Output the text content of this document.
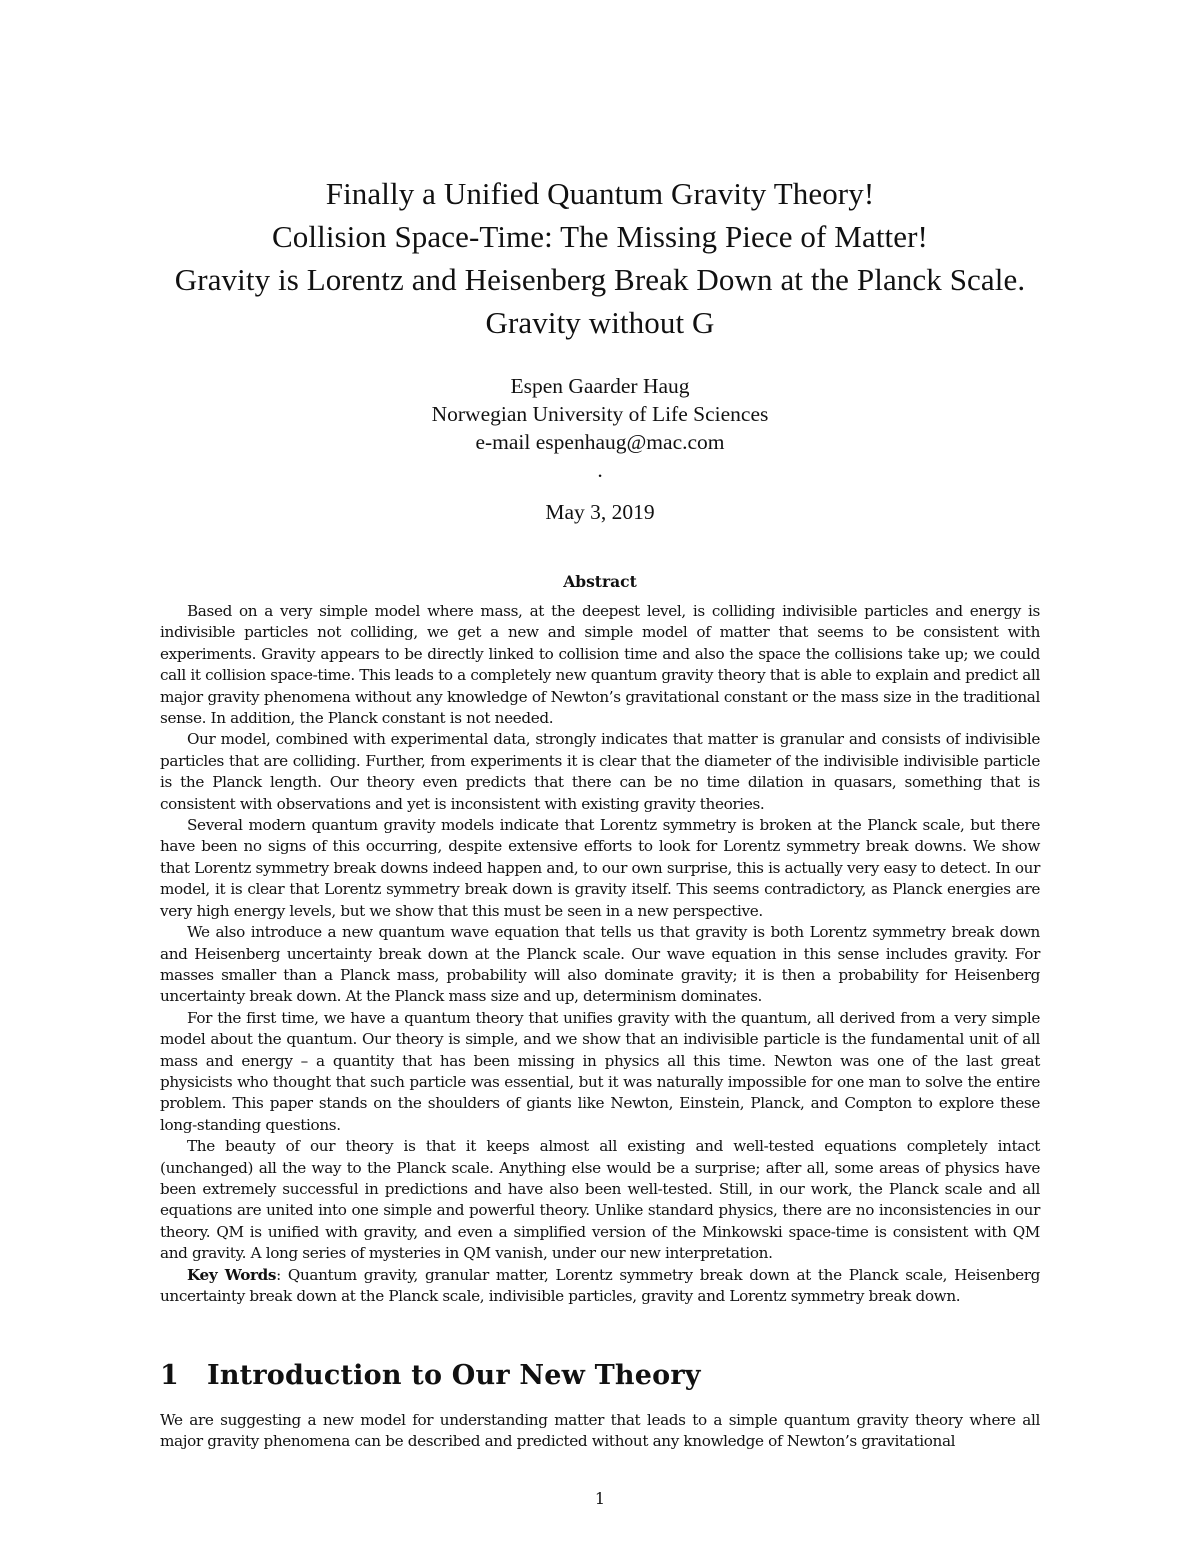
Finally a Unified Quantum Gravity Theory!
Collision Space-Time: The Missing Piece of Matter!
Gravity is Lorentz and Heisenberg Break Down at the Planck Scale.
Gravity without G
Espen Gaarder Haug
Norwegian University of Life Sciences
e-mail espenhaug@mac.com
.
May 3, 2019
Abstract

Based on a very simple model where mass, at the deepest level, is colliding indivisible particles and energy is indivisible particles not colliding, we get a new and simple model of matter that seems to be consistent with experiments. Gravity appears to be directly linked to collision time and also the space the collisions take up; we could call it collision space-time. This leads to a completely new quantum gravity theory that is able to explain and predict all major gravity phenomena without any knowledge of Newton’s gravitational constant or the mass size in the traditional sense. In addition, the Planck constant is not needed.

Our model, combined with experimental data, strongly indicates that matter is granular and consists of indivisible particles that are colliding. Further, from experiments it is clear that the diameter of the indivisible indivisible particle is the Planck length. Our theory even predicts that there can be no time dilation in quasars, something that is consistent with observations and yet is inconsistent with existing gravity theories.

Several modern quantum gravity models indicate that Lorentz symmetry is broken at the Planck scale, but there have been no signs of this occurring, despite extensive efforts to look for Lorentz symmetry break downs. We show that Lorentz symmetry break downs indeed happen and, to our own surprise, this is actually very easy to detect. In our model, it is clear that Lorentz symmetry break down is gravity itself. This seems contradictory, as Planck energies are very high energy levels, but we show that this must be seen in a new perspective.

We also introduce a new quantum wave equation that tells us that gravity is both Lorentz symmetry break down and Heisenberg uncertainty break down at the Planck scale. Our wave equation in this sense includes gravity. For masses smaller than a Planck mass, probability will also dominate gravity; it is then a probability for Heisenberg uncertainty break down. At the Planck mass size and up, determinism dominates.

For the first time, we have a quantum theory that unifies gravity with the quantum, all derived from a very simple model about the quantum. Our theory is simple, and we show that an indivisible particle is the fundamental unit of all mass and energy – a quantity that has been missing in physics all this time. Newton was one of the last great physicists who thought that such particle was essential, but it was naturally impossible for one man to solve the entire problem. This paper stands on the shoulders of giants like Newton, Einstein, Planck, and Compton to explore these long-standing questions.

The beauty of our theory is that it keeps almost all existing and well-tested equations completely intact (unchanged) all the way to the Planck scale. Anything else would be a surprise; after all, some areas of physics have been extremely successful in predictions and have also been well-tested. Still, in our work, the Planck scale and all equations are united into one simple and powerful theory. Unlike standard physics, there are no inconsistencies in our theory. QM is unified with gravity, and even a simplified version of the Minkowski space-time is consistent with QM and gravity. A long series of mysteries in QM vanish, under our new interpretation.

Key Words: Quantum gravity, granular matter, Lorentz symmetry break down at the Planck scale, Heisenberg uncertainty break down at the Planck scale, indivisible particles, gravity and Lorentz symmetry break down.

1 Introduction to Our New Theory

We are suggesting a new model for understanding matter that leads to a simple quantum gravity theory where all major gravity phenomena can be described and predicted without any knowledge of Newton’s gravitational

1
